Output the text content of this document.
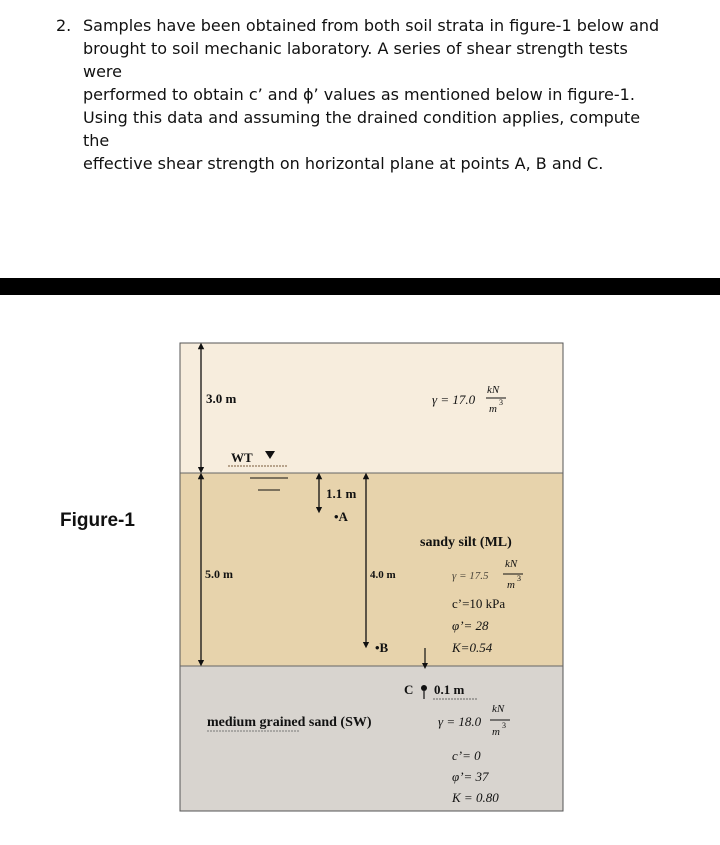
2. Samples have been obtained from both soil strata in figure-1 below and
brought to soil mechanic laboratory. A series of shear strength tests were
performed to obtain c’ and ϕ’ values as mentioned below in figure-1.
Using this data and assuming the drained condition applies, compute the
effective shear strength on horizontal plane at points A, B and C.
Figure-1
3.0 m
WT
γ = 17.0
kN
m
3
5.0 m
1.1 m
•A
4.0 m
•B
sandy silt (ML)
γ = 17.5
kN
m
3
c’=10 kPa
φ’= 28
K=0.54
C 0.1 m
medium grained sand (SW)	γ = 18.0
kN
m
3
c’= 0
φ’= 37
K = 0.80
